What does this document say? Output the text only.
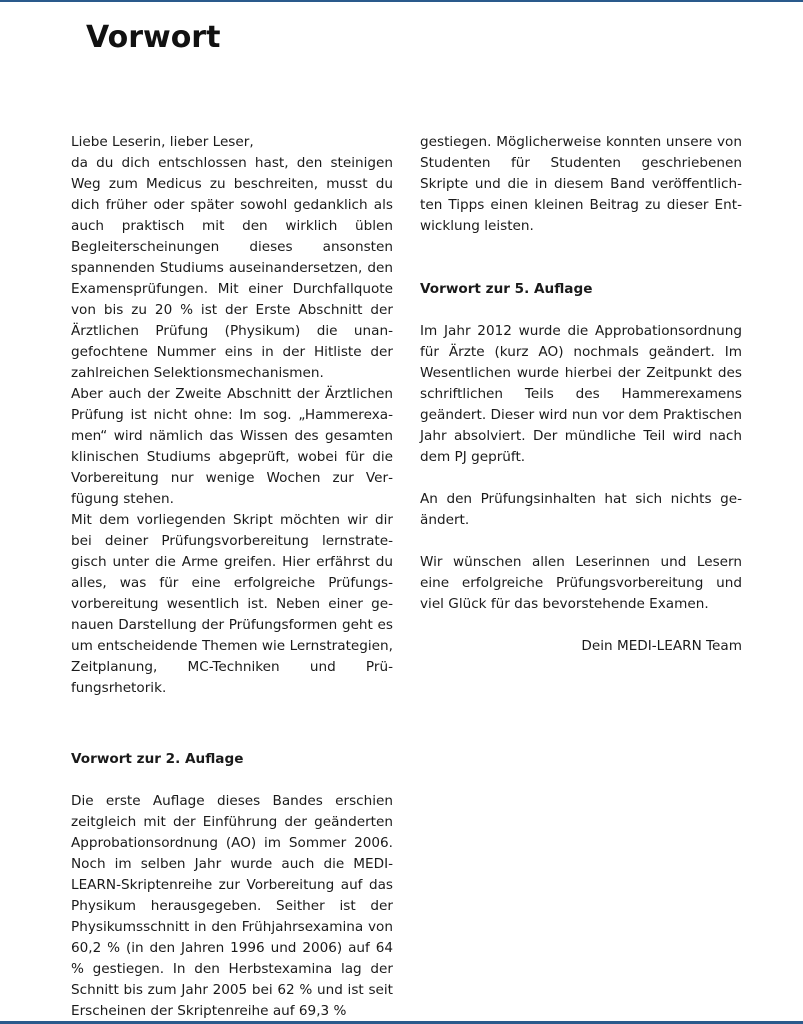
Vorwort

Liebe Leserin, lieber Leser,

da du dich entschlossen hast, den steinigen Weg zum Medicus zu beschreiten, musst du dich früher oder später sowohl gedanklich als auch praktisch mit den wirklich üblen Begleiterscheinungen dieses ansonsten spannenden Studiums auseinandersetzen, den Examensprüfungen. Mit einer Durchfallquote von bis zu 20 % ist der Erste Abschnitt der Ärztlichen Prüfung (Physikum) die unangefochtene Nummer eins in der Hitliste der zahlreichen Selektionsmechanismen.

Aber auch der Zweite Abschnitt der Ärztlichen Prüfung ist nicht ohne: Im sog. „Hammerexamen“ wird nämlich das Wissen des gesamten klinischen Studiums abgeprüft, wobei für die Vorbereitung nur wenige Wochen zur Verfügung stehen.

Mit dem vorliegenden Skript möchten wir dir bei deiner Prüfungsvorbereitung lernstrategisch unter die Arme greifen. Hier erfährst du alles, was für eine erfolgreiche Prüfungsvorbereitung wesentlich ist. Neben einer genauen Darstellung der Prüfungsformen geht es um entscheidende Themen wie Lernstrategien, Zeitplanung, MC-Techniken und Prüfungsrhetorik.

Vorwort zur 2. Auflage

Die erste Auflage dieses Bandes erschien zeitgleich mit der Einführung der geänderten Approbationsordnung (AO) im Sommer 2006. Noch im selben Jahr wurde auch die MEDI-LEARN-Skriptenreihe zur Vorbereitung auf das Physikum herausgegeben. Seither ist der Physikumsschnitt in den Frühjahrsexamina von 60,2 % (in den Jahren 1996 und 2006) auf 64 % gestiegen. In den Herbstexamina lag der Schnitt bis zum Jahr 2005 bei 62 % und ist seit Erscheinen der Skriptenreihe auf 69,3 %

gestiegen. Möglicherweise konnten unsere von Studenten für Studenten geschriebenen Skripte und die in diesem Band veröffentlichten Tipps einen kleinen Beitrag zu dieser Entwicklung leisten.

Vorwort zur 5. Auflage

Im Jahr 2012 wurde die Approbationsordnung für Ärzte (kurz AO) nochmals geändert. Im Wesentlichen wurde hierbei der Zeitpunkt des schriftlichen Teils des Hammerexamens geändert. Dieser wird nun vor dem Praktischen Jahr absolviert. Der mündliche Teil wird nach dem PJ geprüft.

An den Prüfungsinhalten hat sich nichts geändert.

Wir wünschen allen Leserinnen und Lesern eine erfolgreiche Prüfungsvorbereitung und viel Glück für das bevorstehende Examen.

Dein MEDI-LEARN Team
